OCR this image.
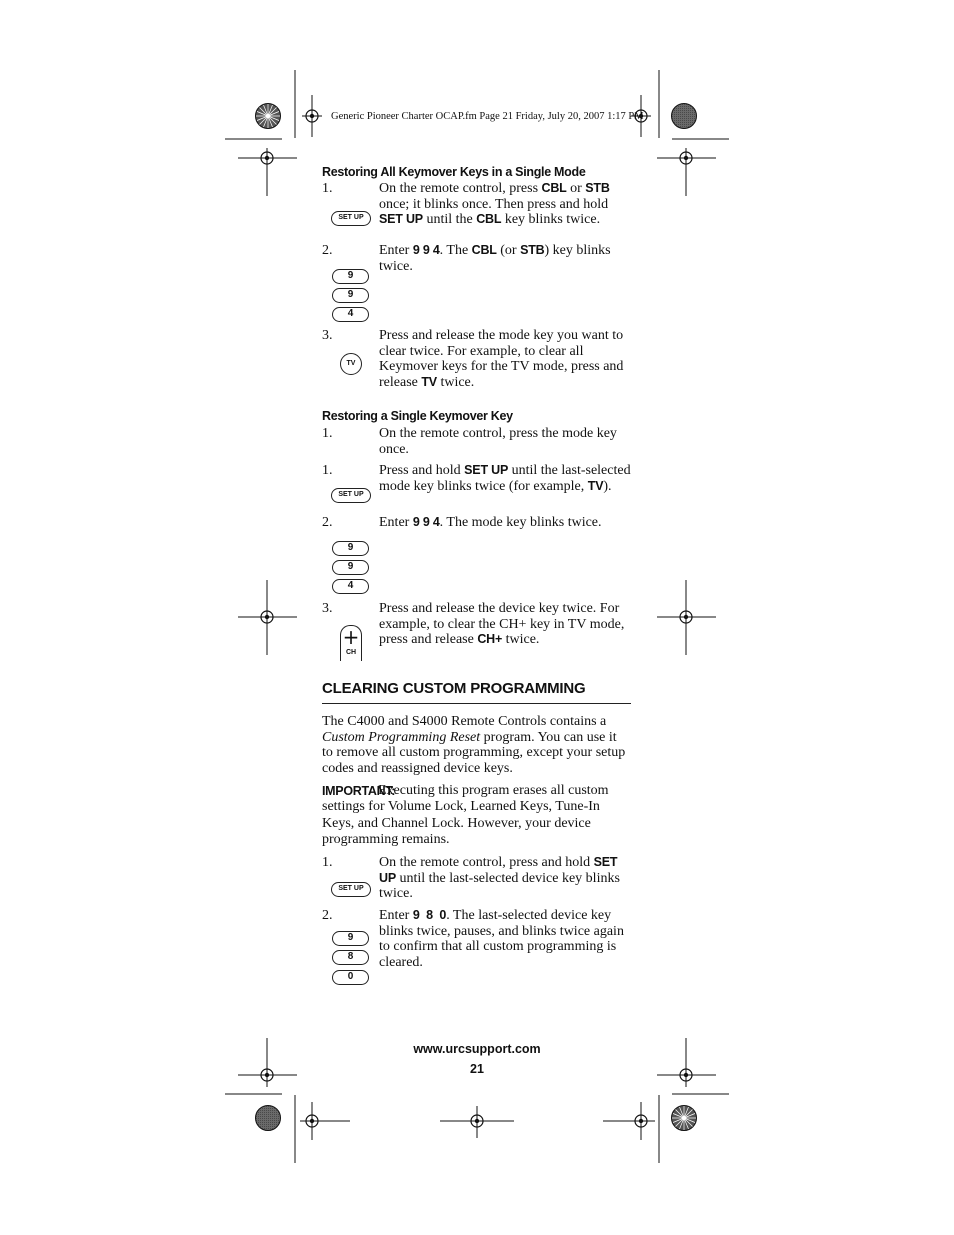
Generic Pioneer Charter OCAP.fm Page 21 Friday, July 20, 2007 1:17 PM
Restoring All Keymover Keys in a Single Mode
1.	On the remote control, press CBL or STB once; it blinks once. Then press and hold SET UP until the CBL key blinks twice.
SET UP
2.	Enter 9 9 4. The CBL (or STB) key blinks twice.
9
9
4
3.	Press and release the mode key you want to clear twice. For example, to clear all Keymover keys for the TV mode, press and release TV twice.
TV
Restoring a Single Keymover Key
1.	On the remote control, press the mode key once.
1.	Press and hold SET UP until the last-selected mode key blinks twice (for example, TV).
SET UP
2.	Enter 9 9 4. The mode key blinks twice.
9
9
4
3.	Press and release the device key twice. For example, to clear the CH+ key in TV mode, press and release CH+ twice.
+
CH
CLEARING CUSTOM PROGRAMMING
The C4000 and S4000 Remote Controls contains a Custom Programming Reset program. You can use it to remove all custom programming, except your setup codes and reassigned device keys.
IMPORTANT:
Executing this program erases all custom settings for Volume Lock, Learned Keys, Tune-In Keys, and Channel Lock. However, your device programming remains.
1.	On the remote control, press and hold SET UP until the last-selected device key blinks twice.
SET UP
2.	Enter 9  8  0. The last-selected device key blinks twice, pauses, and blinks twice again to confirm that all custom programming is cleared.
9
8
0
www.urcsupport.com
21
